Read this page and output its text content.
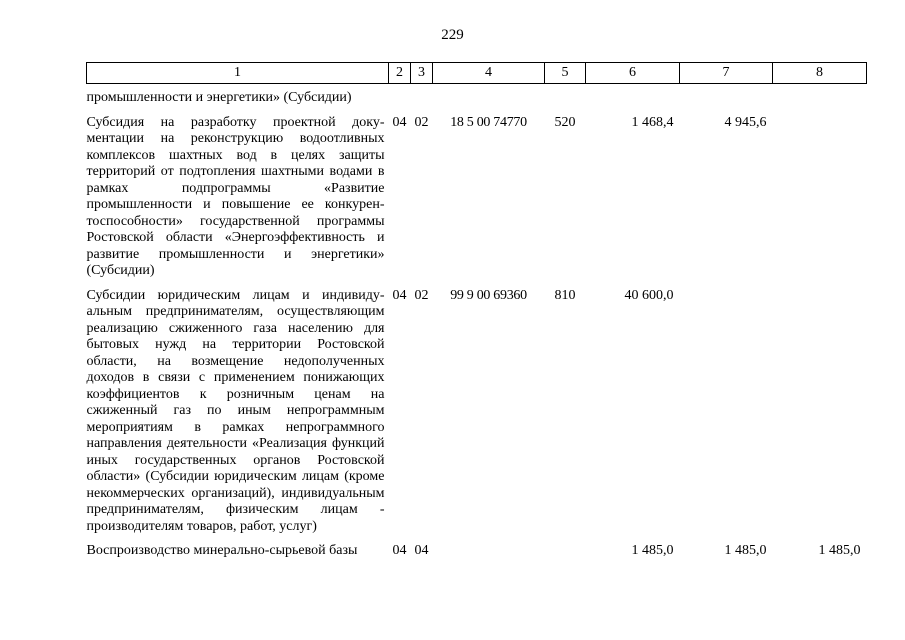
229
1	2	3	4	5	6	7	8
промышленности и энергетики» (Субсидии)							
Субсидия на разработку проектной документации на реконструкцию водоотливных комплексов шахтных вод в целях защиты территорий от подтопления шахтными водами в рамках подпрограммы «Развитие промышленности и повышение ее конкурентоспособности» государственной программы Ростовской области «Энергоэффективность и развитие промышленности и энергетики» (Субсидии)	04	02	18 5 00 74770	520	1 468,4	4 945,6	
Субсидии юридическим лицам и индивидуальным предпринимателям, осуществляющим реализацию сжиженного газа населению для бытовых нужд на территории Ростовской области, на возмещение недополученных доходов в связи с применением понижающих коэффициентов к розничным ценам на сжиженный газ по иным непрограммным мероприятиям в рамках непрограммного направления деятельности «Реализация функций иных государственных органов Ростовской области» (Субсидии юридическим лицам (кроме некоммерческих организаций), индивидуальным предпринимателям, физическим лицам - производителям товаров, работ, услуг)	04	02	99 9 00 69360	810	40 600,0		
Воспроизводство минерально-сырьевой базы	04	04			1 485,0	1 485,0	1 485,0
